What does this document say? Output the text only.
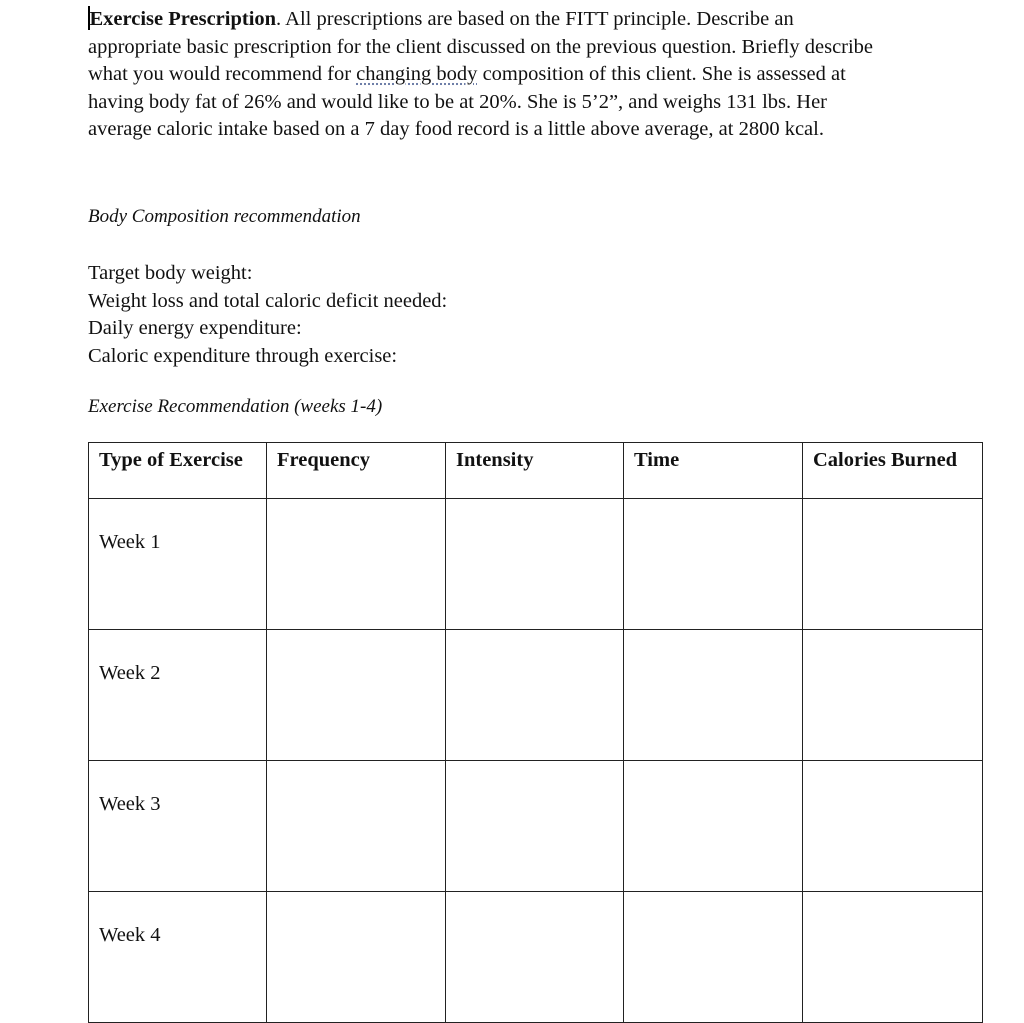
Exercise Prescription. All prescriptions are based on the FITT principle. Describe an appropriate basic prescription for the client discussed on the previous question. Briefly describe what you would recommend for changing body composition of this client. She is assessed at having body fat of 26% and would like to be at 20%. She is 5’2”, and weighs 131 lbs. Her average caloric intake based on a 7 day food record is a little above average, at 2800 kcal.

Body Composition recommendation

Target body weight:
Weight loss and total caloric deficit needed:
Daily energy expenditure:
Caloric expenditure through exercise:

Exercise Recommendation (weeks 1-4)

Type of Exercise	Frequency	Intensity	Time	Calories Burned
Week 1				
Week 2				
Week 3				
Week 4				
